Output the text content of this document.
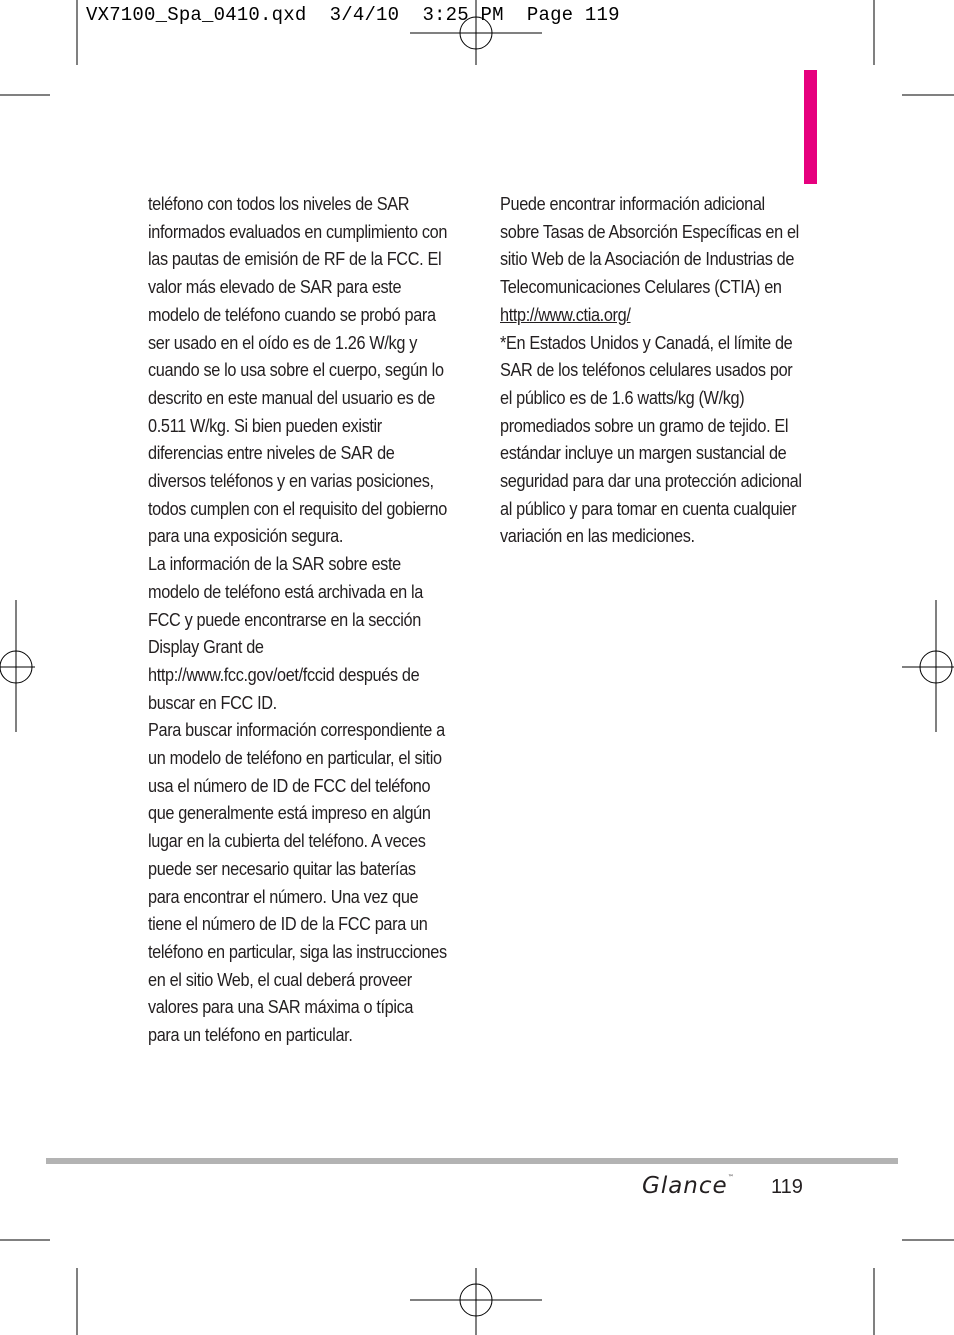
VX7100_Spa_0410.qxd  3/4/10  3:25 PM  Page 119

teléfono con todos los niveles de SAR informados evaluados en cumplimiento con las pautas de emisión de RF de la FCC. El valor más elevado de SAR para este modelo de teléfono cuando se probó para ser usado en el oído es de 1.26 W/kg y cuando se lo usa sobre el cuerpo, según lo descrito en este manual del usuario es de 0.511 W/kg. Si bien pueden existir diferencias entre niveles de SAR de diversos teléfonos y en varias posiciones, todos cumplen con el requisito del gobierno para una exposición segura.

La información de la SAR sobre este modelo de teléfono está archivada en la FCC y puede encontrarse en la sección Display Grant de http://www.fcc.gov/oet/fccid después de buscar en FCC ID.

Para buscar información correspondiente a un modelo de teléfono en particular, el sitio usa el número de ID de FCC del teléfono que generalmente está impreso en algún lugar en la cubierta del teléfono. A veces puede ser necesario quitar las baterías para encontrar el número. Una vez que tiene el número de ID de la FCC para un teléfono en particular, siga las instrucciones en el sitio Web, el cual deberá proveer valores para una SAR máxima o típica para un teléfono en particular.

Puede encontrar información adicional sobre Tasas de Absorción Específicas en el sitio Web de la Asociación de Industrias de Telecomunicaciones Celulares (CTIA) en

http://www.ctia.org/

*En Estados Unidos y Canadá, el límite de SAR de los teléfonos celulares usados por el público es de 1.6 watts/kg (W/kg) promediados sobre un gramo de tejido. El estándar incluye un margen sustancial de seguridad para dar una protección adicional al público y para tomar en cuenta cualquier variación en las mediciones.

Glance™ 119
